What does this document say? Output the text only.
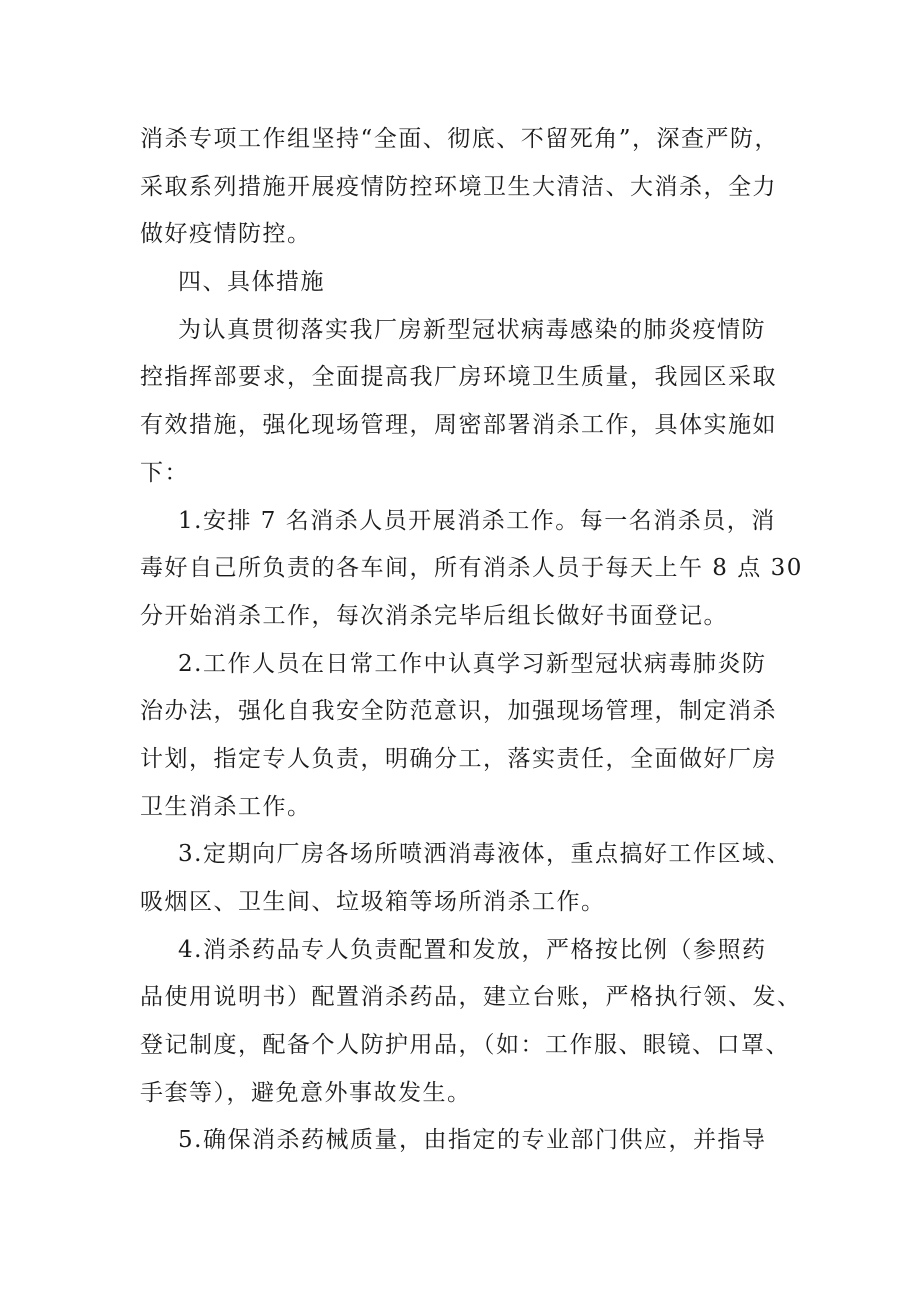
消杀专项工作组坚持“全面、彻底、不留死角”，深查严防，
采取系列措施开展疫情防控环境卫生大清洁、大消杀，全力
做好疫情防控。
四、具体措施
为认真贯彻落实我厂房新型冠状病毒感染的肺炎疫情防
控指挥部要求，全面提高我厂房环境卫生质量，我园区采取
有效措施，强化现场管理，周密部署消杀工作，具体实施如
下：
1.安排 7 名消杀人员开展消杀工作。每一名消杀员，消
毒好自己所负责的各车间，所有消杀人员于每天上午 8 点 30
分开始消杀工作，每次消杀完毕后组长做好书面登记。
2.工作人员在日常工作中认真学习新型冠状病毒肺炎防
治办法，强化自我安全防范意识，加强现场管理，制定消杀
计划，指定专人负责，明确分工，落实责任，全面做好厂房
卫生消杀工作。
3.定期向厂房各场所喷洒消毒液体，重点搞好工作区域、
吸烟区、卫生间、垃圾箱等场所消杀工作。
4.消杀药品专人负责配置和发放，严格按比例（参照药
品使用说明书）配置消杀药品，建立台账，严格执行领、发、
登记制度，配备个人防护用品，（如：工作服、眼镜、口罩、
手套等），避免意外事故发生。
5.确保消杀药械质量，由指定的专业部门供应，并指导
